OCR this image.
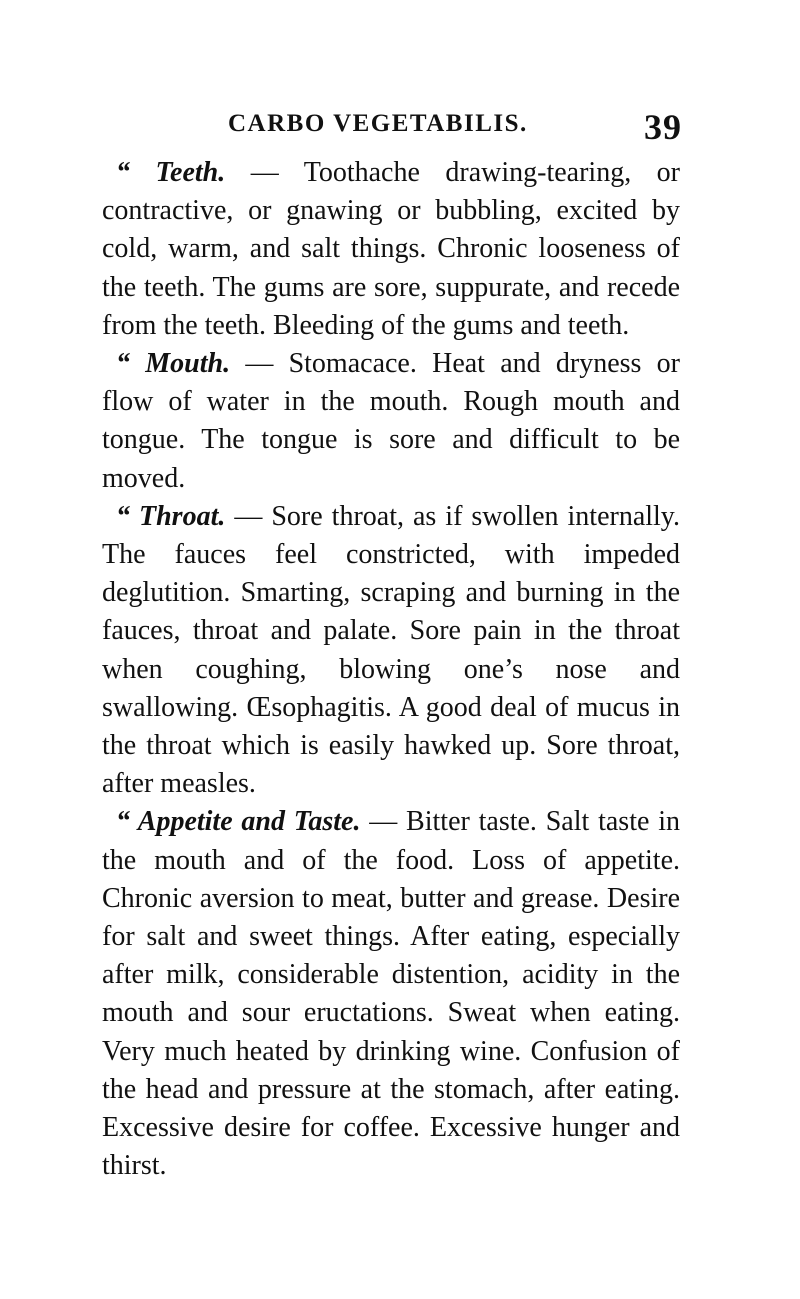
CARBO VEGETABILIS.	39

“ Teeth. — Toothache drawing-tearing, or contractive, or gnawing or bubbling, excited by cold, warm, and salt things. Chronic looseness of the teeth. The gums are sore, suppurate, and recede from the teeth. Bleeding of the gums and teeth.

“ Mouth. — Stomacace. Heat and dryness or flow of water in the mouth. Rough mouth and tongue. The tongue is sore and difficult to be moved.

“ Throat. — Sore throat, as if swollen internally. The fauces feel constricted, with impeded deglutition. Smarting, scraping and burning in the fauces, throat and palate. Sore pain in the throat when coughing, blowing one’s nose and swallowing. Œsophagitis. A good deal of mucus in the throat which is easily hawked up. Sore throat, after measles.

“ Appetite and Taste. — Bitter taste. Salt taste in the mouth and of the food. Loss of appetite. Chronic aversion to meat, butter and grease. Desire for salt and sweet things. After eating, especially after milk, considerable distention, acidity in the mouth and sour eructations. Sweat when eating. Very much heated by drinking wine. Confusion of the head and pressure at the stomach, after eating. Excessive desire for coffee. Excessive hunger and thirst.
